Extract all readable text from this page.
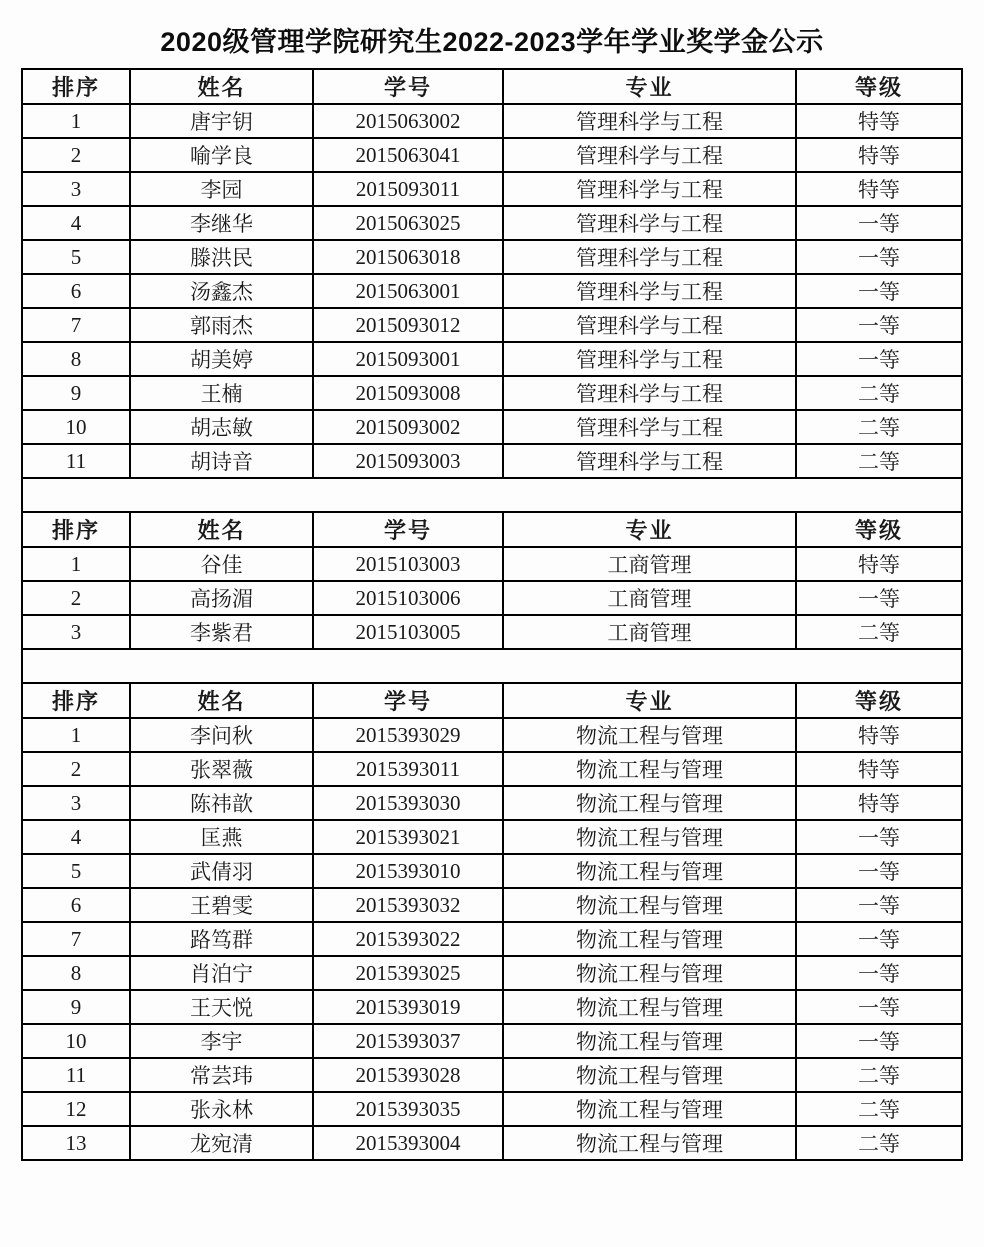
2020级管理学院研究生2022-2023学年学业奖学金公示
排序	姓名	学号	专业	等级
1	唐宇钥	2015063002	管理科学与工程	特等
2	喻学良	2015063041	管理科学与工程	特等
3	李园	2015093011	管理科学与工程	特等
4	李继华	2015063025	管理科学与工程	一等
5	滕洪民	2015063018	管理科学与工程	一等
6	汤鑫杰	2015063001	管理科学与工程	一等
7	郭雨杰	2015093012	管理科学与工程	一等
8	胡美婷	2015093001	管理科学与工程	一等
9	王楠	2015093008	管理科学与工程	二等
10	胡志敏	2015093002	管理科学与工程	二等
11	胡诗音	2015093003	管理科学与工程	二等

排序	姓名	学号	专业	等级
1	谷佳	2015103003	工商管理	特等
2	高扬湄	2015103006	工商管理	一等
3	李紫君	2015103005	工商管理	二等

排序	姓名	学号	专业	等级
1	李问秋	2015393029	物流工程与管理	特等
2	张翠薇	2015393011	物流工程与管理	特等
3	陈祎歆	2015393030	物流工程与管理	特等
4	匡燕	2015393021	物流工程与管理	一等
5	武倩羽	2015393010	物流工程与管理	一等
6	王碧雯	2015393032	物流工程与管理	一等
7	路笃群	2015393022	物流工程与管理	一等
8	肖泊宁	2015393025	物流工程与管理	一等
9	王天悦	2015393019	物流工程与管理	一等
10	李宇	2015393037	物流工程与管理	一等
11	常芸玮	2015393028	物流工程与管理	二等
12	张永林	2015393035	物流工程与管理	二等
13	龙宛清	2015393004	物流工程与管理	二等
